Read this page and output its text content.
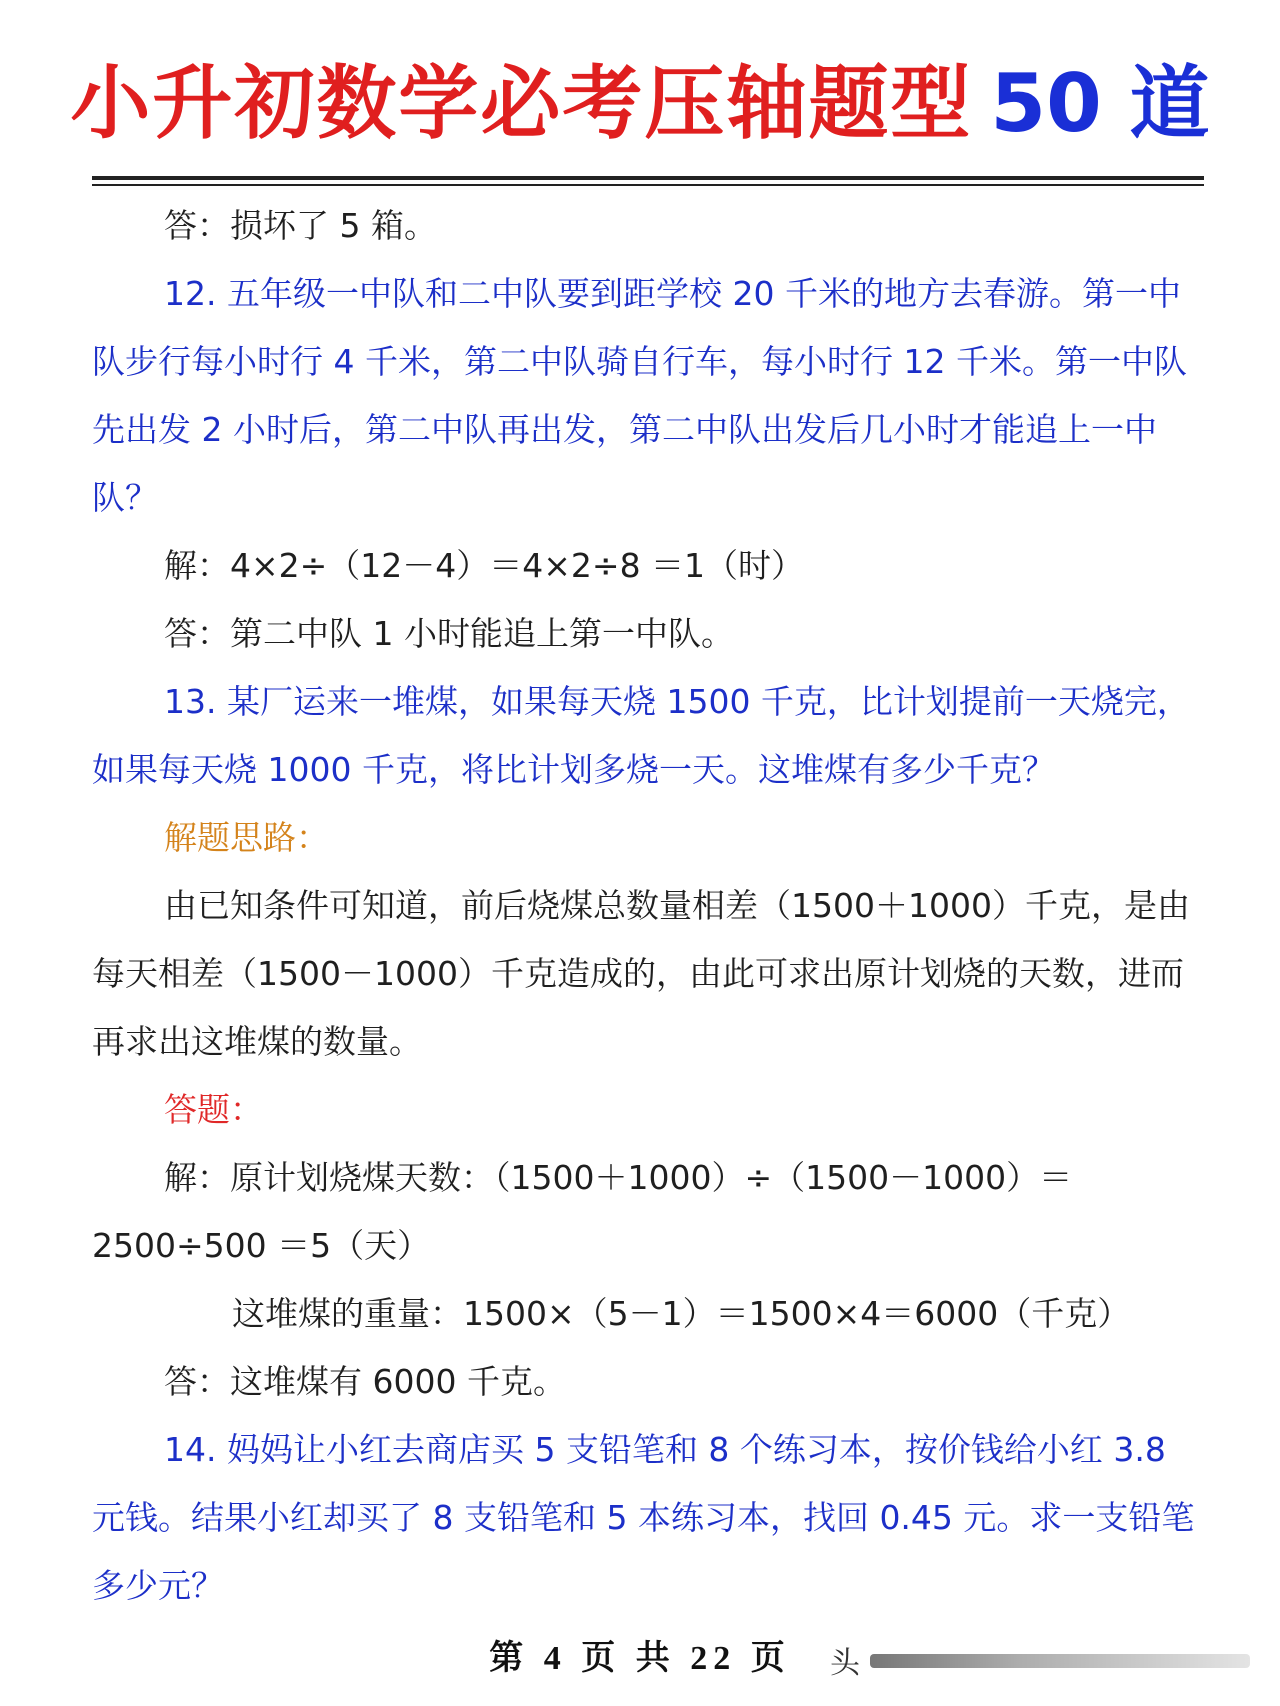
小升初数学必考压轴题型 50 道

答：损坏了 5 箱。

12. 五年级一中队和二中队要到距学校 20 千米的地方去春游。第一中队步行每小时行 4 千米，第二中队骑自行车，每小时行 12 千米。第一中队先出发 2 小时后，第二中队再出发，第二中队出发后几小时才能追上一中队？

解：4×2÷（12－4）＝4×2÷8 ＝1（时）

答：第二中队 1 小时能追上第一中队。

13. 某厂运来一堆煤，如果每天烧 1500 千克，比计划提前一天烧完，如果每天烧 1000 千克，将比计划多烧一天。这堆煤有多少千克？

解题思路：

由已知条件可知道，前后烧煤总数量相差（1500＋1000）千克，是由每天相差（1500－1000）千克造成的，由此可求出原计划烧的天数，进而再求出这堆煤的数量。

答题：

解：原计划烧煤天数：（1500＋1000）÷（1500－1000）＝2500÷500 ＝5（天）

这堆煤的重量：1500×（5－1）＝1500×4＝6000（千克）

答：这堆煤有 6000 千克。

14. 妈妈让小红去商店买 5 支铅笔和 8 个练习本，按价钱给小红 3.8 元钱。结果小红却买了 8 支铅笔和 5 本练习本，找回 0.45 元。求一支铅笔多少元？

第 4 页 共 22 页	头
